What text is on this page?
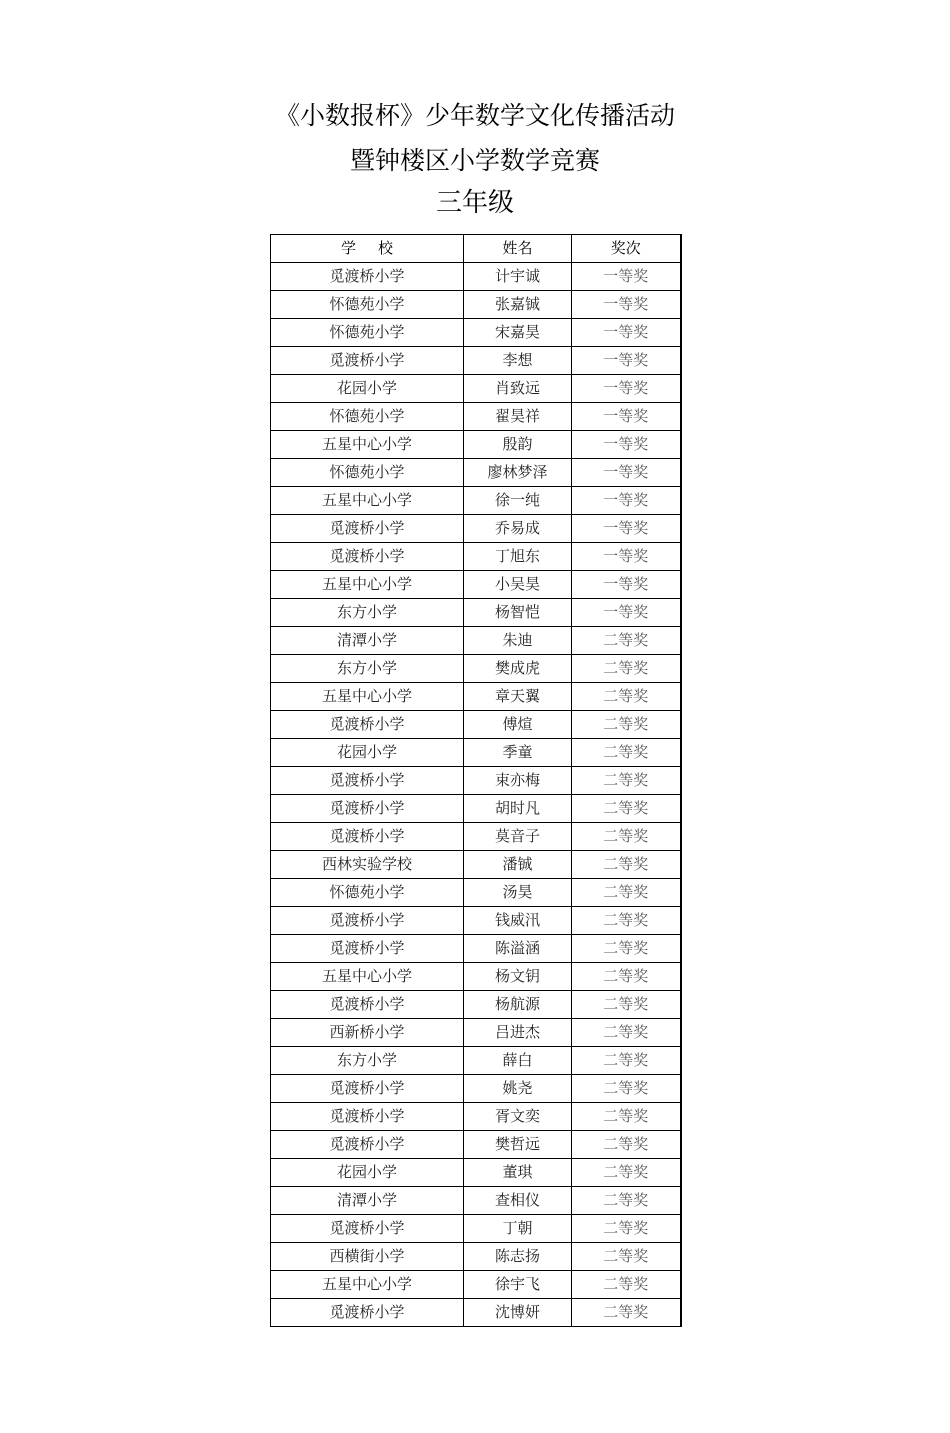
《小数报杯》少年数学文化传播活动
暨钟楼区小学数学竞赛
三年级
学校	姓名	奖次
觅渡桥小学	计宇诚	一等奖
怀德苑小学	张嘉铖	一等奖
怀德苑小学	宋嘉昊	一等奖
觅渡桥小学	李想	一等奖
花园小学	肖致远	一等奖
怀德苑小学	翟昊祥	一等奖
五星中心小学	殷韵	一等奖
怀德苑小学	廖林梦泽	一等奖
五星中心小学	徐一纯	一等奖
觅渡桥小学	乔易成	一等奖
觅渡桥小学	丁旭东	一等奖
五星中心小学	小吴昊	一等奖
东方小学	杨智恺	一等奖
清潭小学	朱迪	二等奖
东方小学	樊成虎	二等奖
五星中心小学	章天翼	二等奖
觅渡桥小学	傅煊	二等奖
花园小学	季童	二等奖
觅渡桥小学	束亦梅	二等奖
觅渡桥小学	胡时凡	二等奖
觅渡桥小学	莫音子	二等奖
西林实验学校	潘铖	二等奖
怀德苑小学	汤昊	二等奖
觅渡桥小学	钱威汛	二等奖
觅渡桥小学	陈溢涵	二等奖
五星中心小学	杨文钥	二等奖
觅渡桥小学	杨航源	二等奖
西新桥小学	吕进杰	二等奖
东方小学	薛白	二等奖
觅渡桥小学	姚尧	二等奖
觅渡桥小学	胥文奕	二等奖
觅渡桥小学	樊哲远	二等奖
花园小学	董琪	二等奖
清潭小学	查相仪	二等奖
觅渡桥小学	丁朝	二等奖
西横街小学	陈志扬	二等奖
五星中心小学	徐宇飞	二等奖
觅渡桥小学	沈博妍	二等奖
